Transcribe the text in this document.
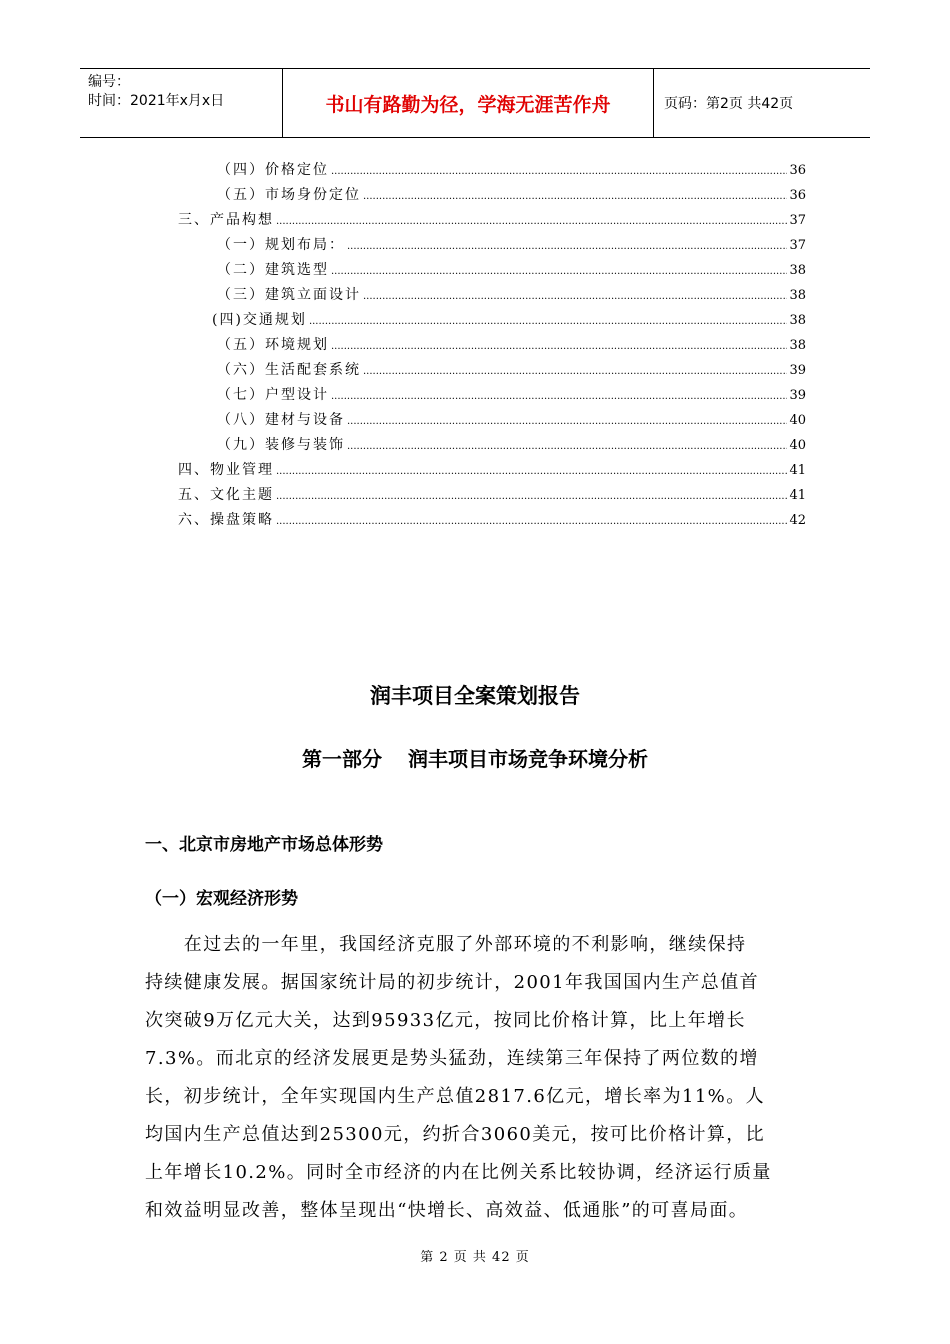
编号：
时间：2021年x月x日	书山有路勤为径，学海无涯苦作舟	页码：第2页 共42页
（四）价格定位 .....	36
（五）市场身份定位 .....	36
三、产品构想 .....	37
（一）规划布局： .....	37
（二）建筑选型 .....	38
（三）建筑立面设计 .....	38
(四)交通规划 .....	38
（五）环境规划 .....	38
（六）生活配套系统 .....	39
（七）户型设计 .....	39
（八）建材与设备 .....	40
（九）装修与装饰 .....	40
四、物业管理 .....	41
五、文化主题 .....	41
六、操盘策略 .....	42
润丰项目全案策划报告
第一部分 润丰项目市场竞争环境分析
一、北京市房地产市场总体形势
（一）宏观经济形势
　　在过去的一年里，我国经济克服了外部环境的不利影响，继续保持
持续健康发展。据国家统计局的初步统计，2001年我国国内生产总值首
次突破9万亿元大关，达到95933亿元，按同比价格计算，比上年增长
7.3%。而北京的经济发展更是势头猛劲，连续第三年保持了两位数的增
长，初步统计，全年实现国内生产总值2817.6亿元，增长率为11%。人
均国内生产总值达到25300元，约折合3060美元，按可比价格计算，比
上年增长10.2%。同时全市经济的内在比例关系比较协调，经济运行质量
和效益明显改善，整体呈现出“快增长、高效益、低通胀”的可喜局面。
第 2 页 共 42 页
